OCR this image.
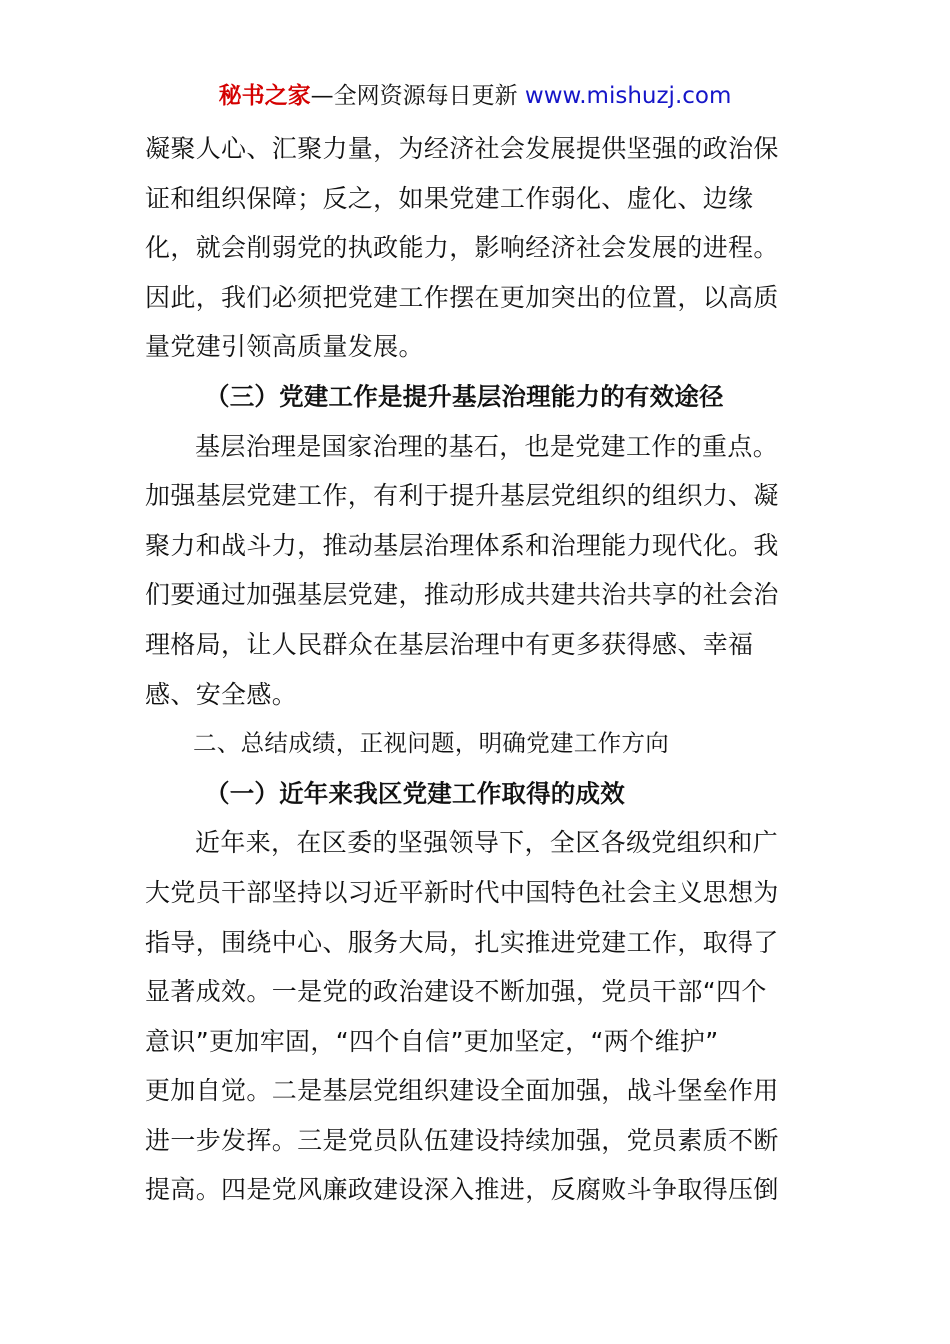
秘书之家—全网资源每日更新 www.mishuzj.com
凝聚人心、汇聚力量，为经济社会发展提供坚强的政治保
证和组织保障；反之，如果党建工作弱化、虚化、边缘
化，就会削弱党的执政能力，影响经济社会发展的进程。
因此，我们必须把党建工作摆在更加突出的位置，以高质
量党建引领高质量发展。
（三）党建工作是提升基层治理能力的有效途径
基层治理是国家治理的基石，也是党建工作的重点。
加强基层党建工作，有利于提升基层党组织的组织力、凝
聚力和战斗力，推动基层治理体系和治理能力现代化。我
们要通过加强基层党建，推动形成共建共治共享的社会治
理格局，让人民群众在基层治理中有更多获得感、幸福
感、安全感。
二、总结成绩，正视问题，明确党建工作方向
（一）近年来我区党建工作取得的成效
近年来，在区委的坚强领导下，全区各级党组织和广
大党员干部坚持以习近平新时代中国特色社会主义思想为
指导，围绕中心、服务大局，扎实推进党建工作，取得了
显著成效。一是党的政治建设不断加强，党员干部“四个
意识”更加牢固，“四个自信”更加坚定，“两个维护”
更加自觉。二是基层党组织建设全面加强，战斗堡垒作用
进一步发挥。三是党员队伍建设持续加强，党员素质不断
提高。四是党风廉政建设深入推进，反腐败斗争取得压倒
